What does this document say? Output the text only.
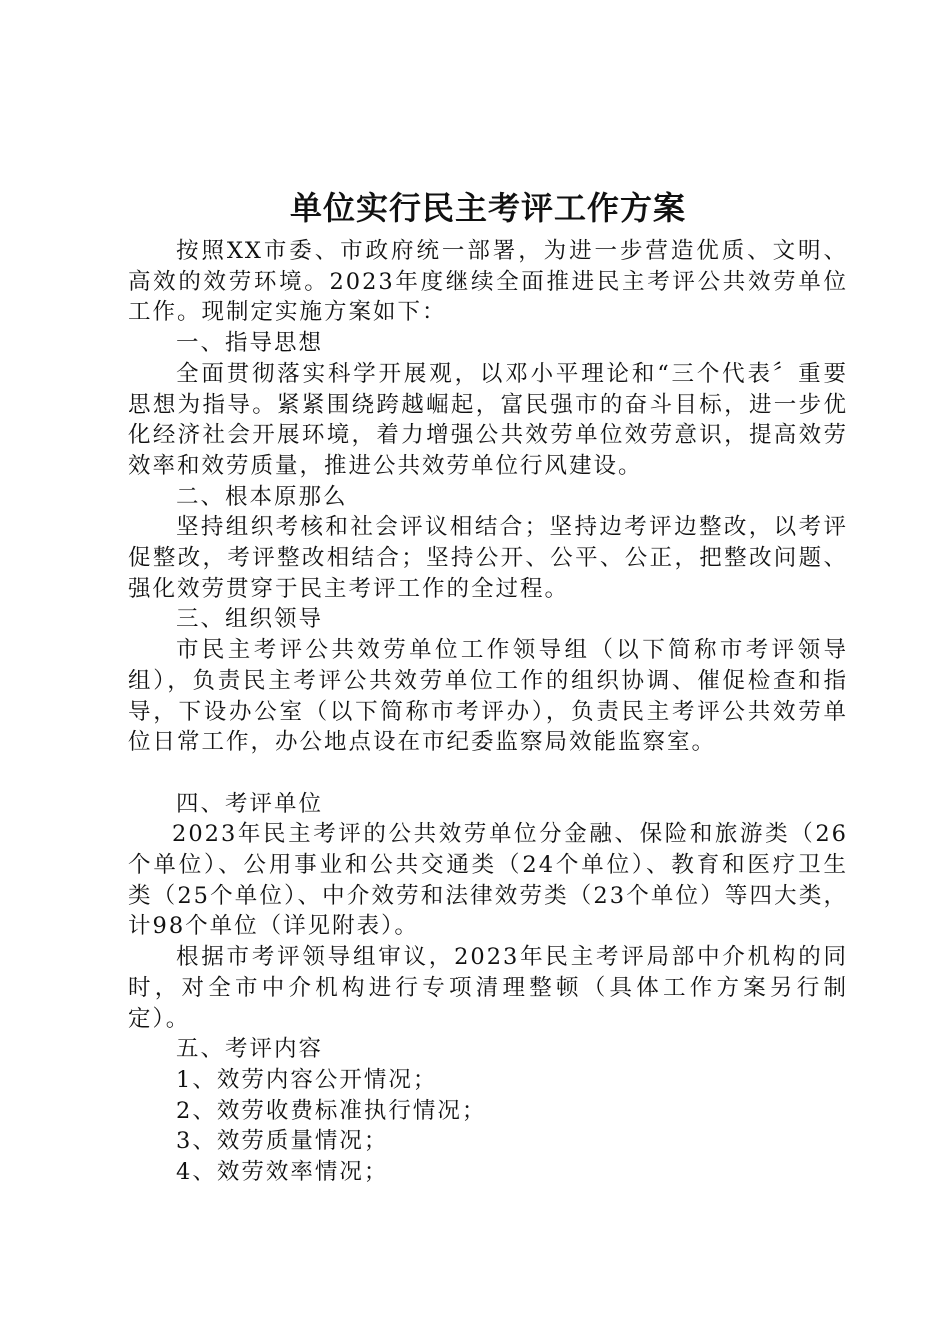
单位实行民主考评工作方案

按照XX市委、市政府统一部署，为进一步营造优质、文明、高效的效劳环境。2023年度继续全面推进民主考评公共效劳单位工作。现制定实施方案如下：

一、指导思想

全面贯彻落实科学开展观，以邓小平理论和“三个代表〞重要思想为指导。紧紧围绕跨越崛起，富民强市的奋斗目标，进一步优化经济社会开展环境，着力增强公共效劳单位效劳意识，提高效劳效率和效劳质量，推进公共效劳单位行风建设。

二、根本原那么

坚持组织考核和社会评议相结合；坚持边考评边整改，以考评促整改，考评整改相结合；坚持公开、公平、公正，把整改问题、强化效劳贯穿于民主考评工作的全过程。

三、组织领导

市民主考评公共效劳单位工作领导组（以下简称市考评领导组），负责民主考评公共效劳单位工作的组织协调、催促检查和指导，下设办公室（以下简称市考评办），负责民主考评公共效劳单位日常工作，办公地点设在市纪委监察局效能监察室。

四、考评单位

2023年民主考评的公共效劳单位分金融、保险和旅游类（26个单位）、公用事业和公共交通类（24个单位）、教育和医疗卫生类（25个单位）、中介效劳和法律效劳类（23个单位）等四大类，计98个单位（详见附表）。

根据市考评领导组审议，2023年民主考评局部中介机构的同时，对全市中介机构进行专项清理整顿（具体工作方案另行制定）。

五、考评内容

1、效劳内容公开情况；

2、效劳收费标准执行情况；

3、效劳质量情况；

4、效劳效率情况；
